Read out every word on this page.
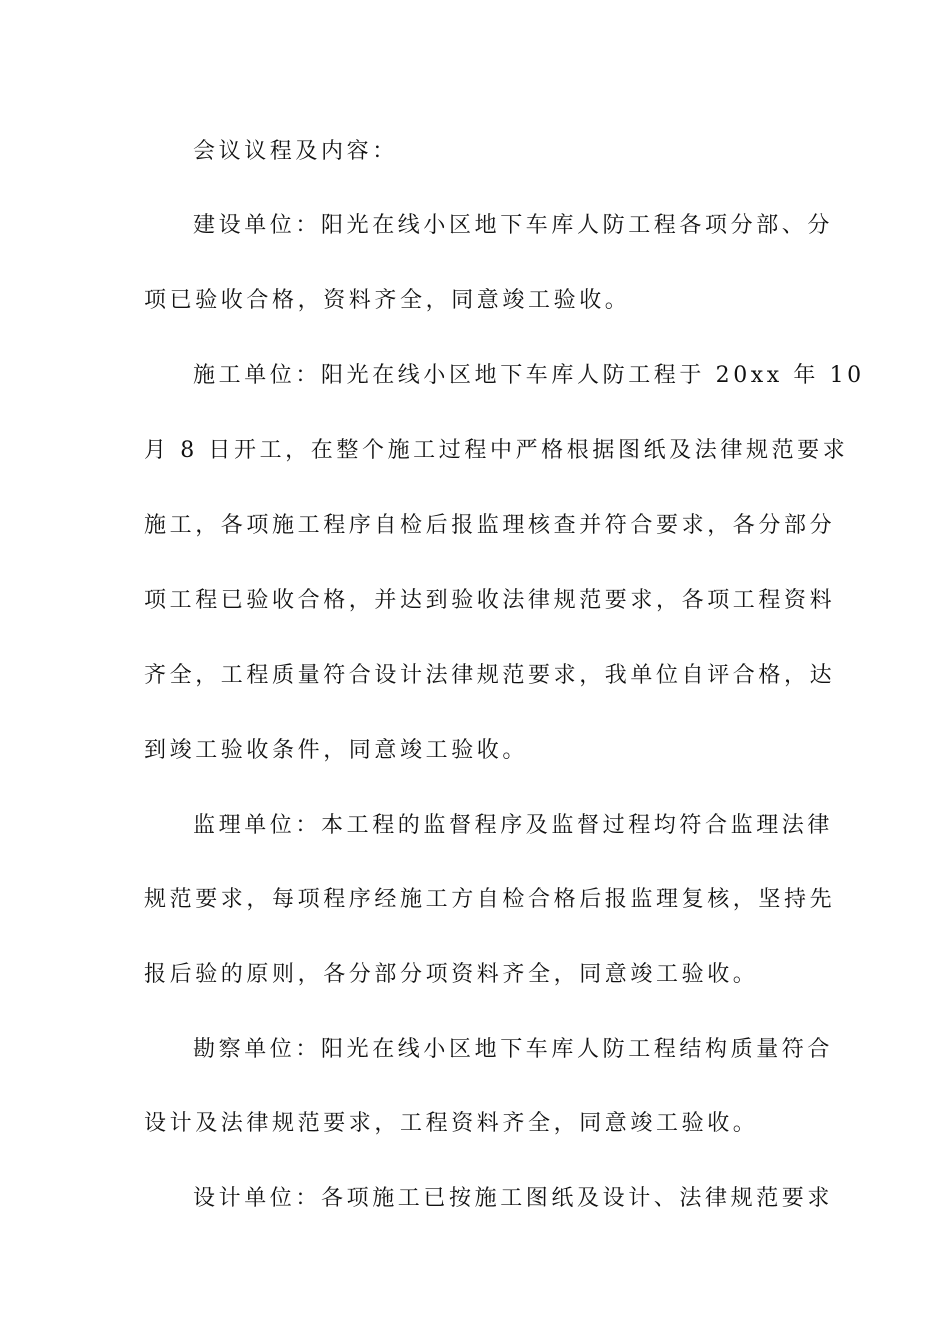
会议议程及内容：
建设单位：阳光在线小区地下车库人防工程各项分部、分
项已验收合格，资料齐全，同意竣工验收。
施工单位：阳光在线小区地下车库人防工程于 20xx 年 10
月 8 日开工，在整个施工过程中严格根据图纸及法律规范要求
施工，各项施工程序自检后报监理核查并符合要求，各分部分
项工程已验收合格，并达到验收法律规范要求，各项工程资料
齐全，工程质量符合设计法律规范要求，我单位自评合格，达
到竣工验收条件，同意竣工验收。
监理单位：本工程的监督程序及监督过程均符合监理法律
规范要求，每项程序经施工方自检合格后报监理复核，坚持先
报后验的原则，各分部分项资料齐全，同意竣工验收。
勘察单位：阳光在线小区地下车库人防工程结构质量符合
设计及法律规范要求，工程资料齐全，同意竣工验收。
设计单位：各项施工已按施工图纸及设计、法律规范要求
